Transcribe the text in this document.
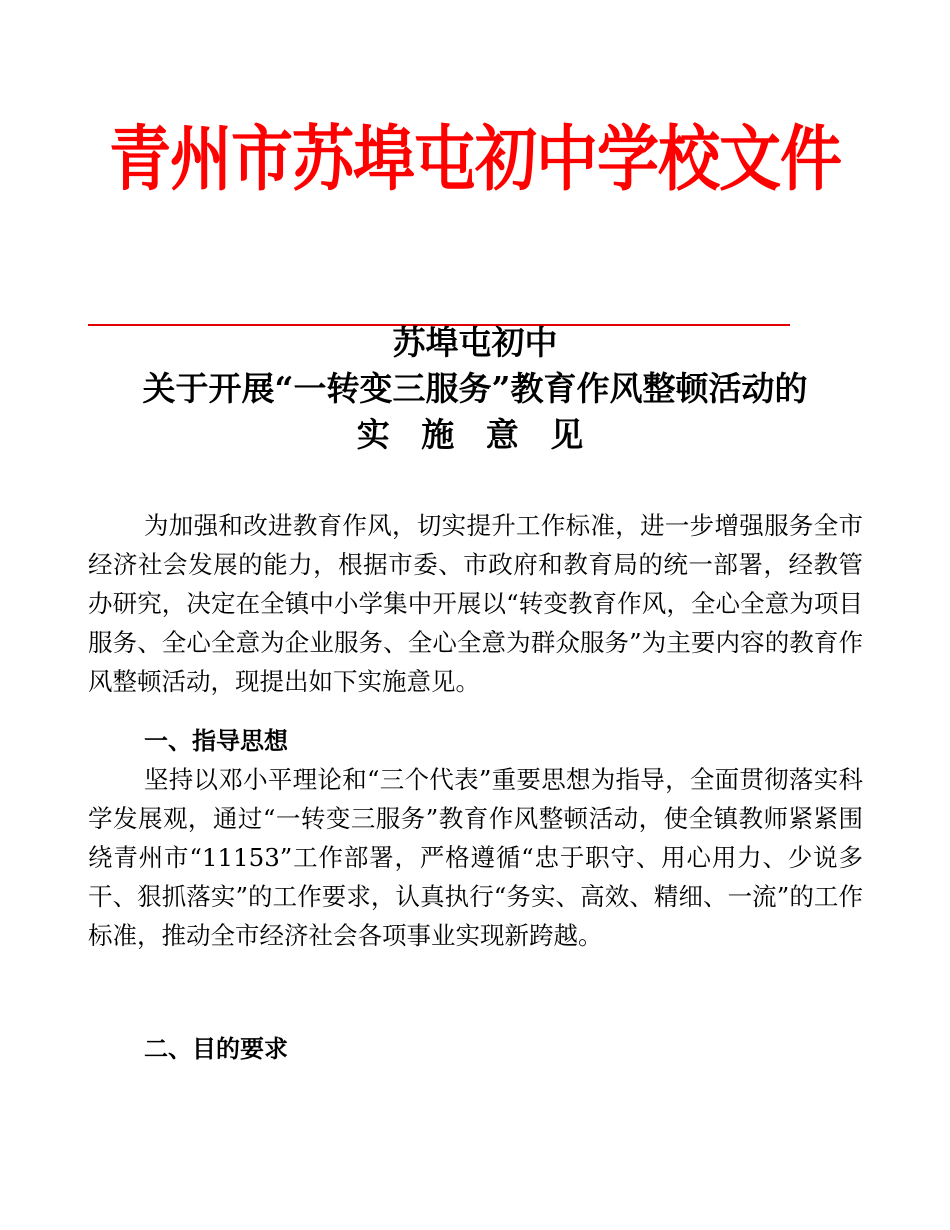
青州市苏埠屯初中学校文件
苏埠屯初中
关于开展“一转变三服务”教育作风整顿活动的
实 施 意 见

为加强和改进教育作风，切实提升工作标准，进一步增强服务全市经济社会发展的能力，根据市委、市政府和教育局的统一部署，经教管办研究，决定在全镇中小学集中开展以“转变教育作风，全心全意为项目服务、全心全意为企业服务、全心全意为群众服务”为主要内容的教育作风整顿活动，现提出如下实施意见。

一、指导思想

坚持以邓小平理论和“三个代表”重要思想为指导，全面贯彻落实科学发展观，通过“一转变三服务”教育作风整顿活动，使全镇教师紧紧围绕青州市“11153”工作部署，严格遵循“忠于职守、用心用力、少说多干、狠抓落实”的工作要求，认真执行“务实、高效、精细、一流”的工作标准，推动全市经济社会各项事业实现新跨越。

二、目的要求
